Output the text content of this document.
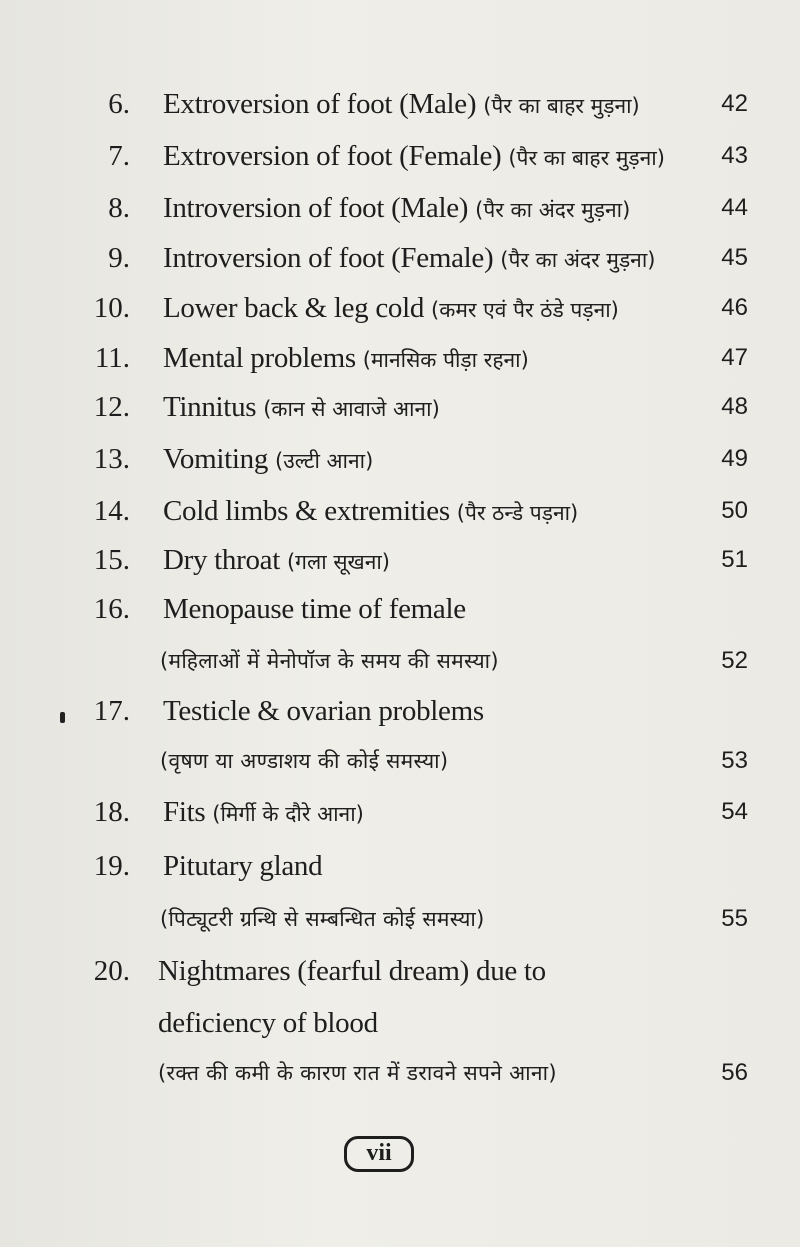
6. Extroversion of foot (Male) (पैर का बाहर मुड़ना)	42
7. Extroversion of foot (Female) (पैर का बाहर मुड़ना)	43
8. Introversion of foot (Male) (पैर का अंदर मुड़ना)	44
9. Introversion of foot (Female) (पैर का अंदर मुड़ना)	45
10. Lower back & leg cold (कमर एवं पैर ठंडे पड़ना)	46
11. Mental problems (मानसिक पीड़ा रहना)	47
12. Tinnitus (कान से आवाजे आना)	48
13. Vomiting (उल्टी आना)	49
14. Cold limbs & extremities (पैर ठन्डे पड़ना)	50
15. Dry throat (गला सूखना)	51
16. Menopause time of female
(महिलाओं में मेनोपॉज के समय की समस्या)	52
17. Testicle & ovarian problems
(वृषण या अण्डाशय की कोई समस्या)	53
18. Fits (मिर्गी के दौरे आना)	54
19. Pitutary gland
(पिट्यूटरी ग्रन्थि से सम्बन्धित कोई समस्या)	55
20. Nightmares (fearful dream) due to
deficiency of blood
(रक्त की कमी के कारण रात में डरावने सपने आना)	56
vii
